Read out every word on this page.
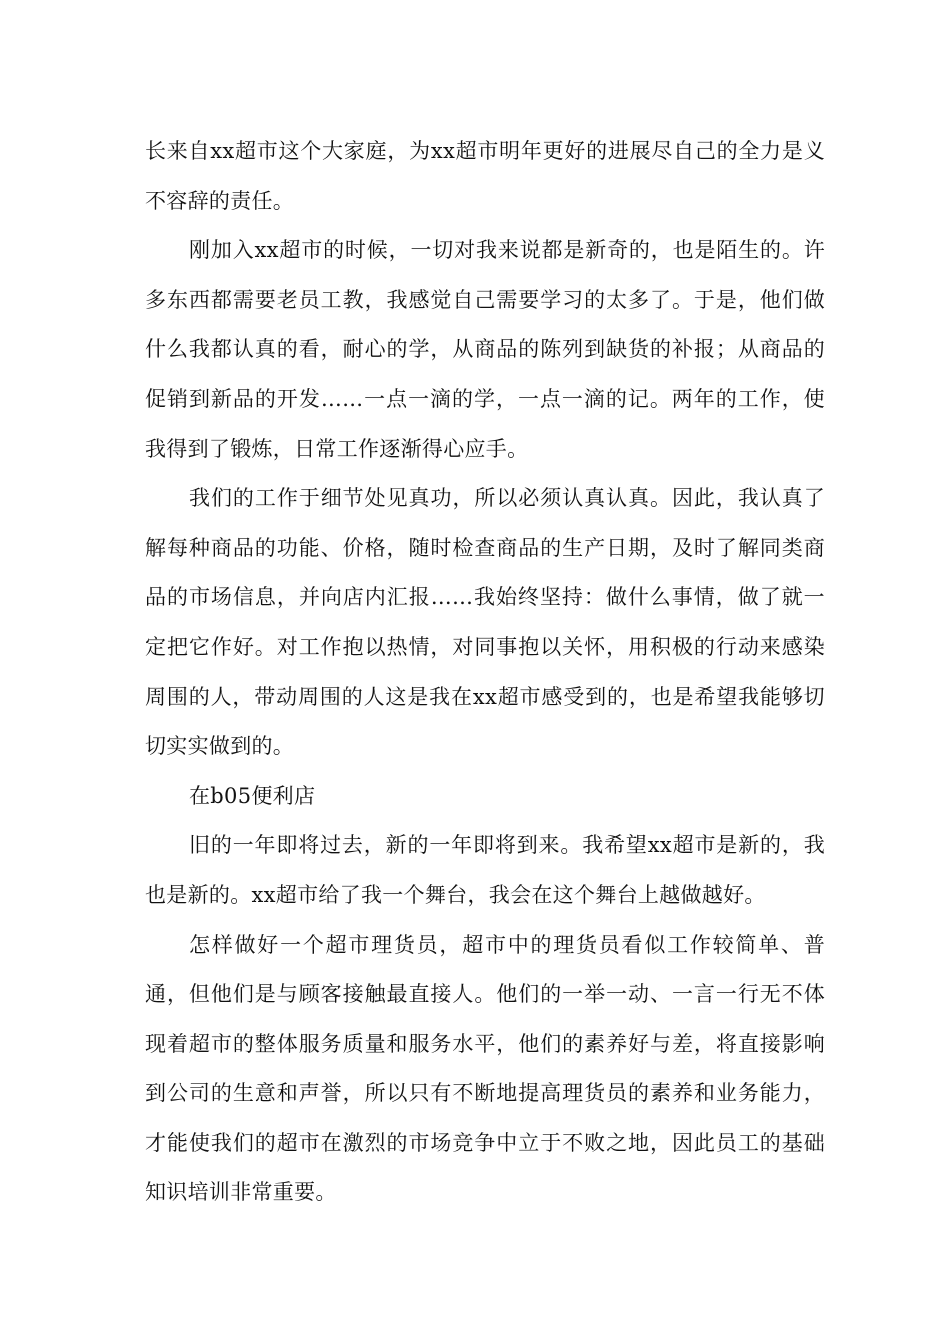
长来自xx超市这个大家庭，为xx超市明年更好的进展尽自己的全力是义不容辞的责任。

刚加入xx超市的时候，一切对我来说都是新奇的，也是陌生的。许多东西都需要老员工教，我感觉自己需要学习的太多了。于是，他们做什么我都认真的看，耐心的学，从商品的陈列到缺货的补报；从商品的促销到新品的开发……一点一滴的学，一点一滴的记。两年的工作，使我得到了锻炼，日常工作逐渐得心应手。

我们的工作于细节处见真功，所以必须认真认真。因此，我认真了解每种商品的功能、价格，随时检查商品的生产日期，及时了解同类商品的市场信息，并向店内汇报……我始终坚持：做什么事情，做了就一定把它作好。对工作抱以热情，对同事抱以关怀，用积极的行动来感染周围的人，带动周围的人这是我在xx超市感受到的，也是希望我能够切切实实做到的。

在b05便利店

旧的一年即将过去，新的一年即将到来。我希望xx超市是新的，我也是新的。xx超市给了我一个舞台，我会在这个舞台上越做越好。

怎样做好一个超市理货员，超市中的理货员看似工作较简单、普通，但他们是与顾客接触最直接人。他们的一举一动、一言一行无不体现着超市的整体服务质量和服务水平，他们的素养好与差，将直接影响到公司的生意和声誉，所以只有不断地提高理货员的素养和业务能力，才能使我们的超市在激烈的市场竞争中立于不败之地，因此员工的基础知识培训非常重要。
